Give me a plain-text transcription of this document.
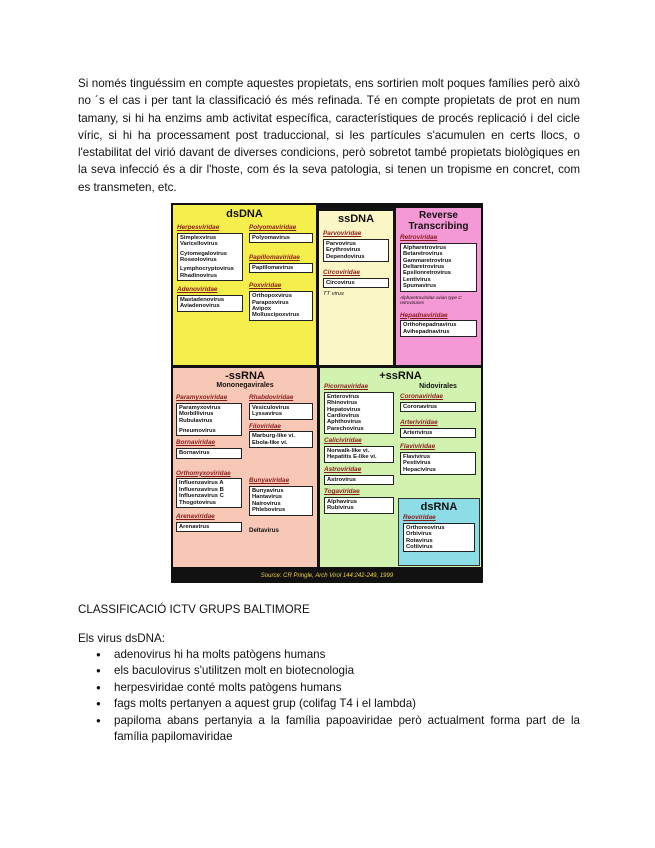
Si només tinguéssim en compte aquestes propietats, ens sortirien molt poques famílies però això no ´s el cas i per tant la classificació és més refinada. Té en compte propietats de prot en num tamany, si hi ha enzims amb activitat específica, característiques de procés replicació i del cicle víric, si hi ha processament post traduccional, si les partícules s'acumulen en certs llocs, o l'estabilitat del virió davant de diverses condicions, però sobretot també propietats biològiques en la seva infecció és a dir l'hoste, com és la seva patologia, si tenen un tropisme en concret, com es transmeten, etc.
dsDNA
Herpesviridae
Simplexvirus
Varicellovirus
Cytomegalovirus
Roseolovirus
Lymphocryptovirus
Rhadinovirus
Adenoviridae
Mastadenovirus
Aviadenovirus
Polyomaviridae
Polyomavirus
Papillomaviridae
Papillomavirus
Poxviridae
Orthopoxvirus
Parapoxvirus
Avipox
Molluscipoxvirus
ssDNA
Parvoviridae
Parvovirus
Erythrovirus
Dependovirus
Circoviridae
Circovirus
TT virus
Reverse Transcribing
Retroviridae
Alpharetrovirus
Betaretrovirus
Gammaretrovirus
Deltaretrovirus
Epsilonretrovirus
Lentivirus
Spumavirus
Alpharetroviridae avian type C retroviruses
Hepadnaviridae
Orthohepadnavirus
Avihepadnavirus
-ssRNA
Mononegavirales
Paramyxoviridae
Paramyxovirus
Morbillivirus
Rubulavirus
Pneumovirus
Bornaviridae
Bornavirus
Orthomyxoviridae
Influenzavirus A
Influenzavirus B
Influenzavirus C
Thogotovirus
Arenaviridae
Arenavirus
Rhabdoviridae
Vesiculovirus
Lyssavirus
Filoviridae
Marburg-like vi.
Ebola-like vi.
Bunyaviridae
Bunyavirus
Hantavirus
Nairovirus
Phlebovirus
Deltavirus
+ssRNA
Picornaviridae
Enterovirus
Rhinovirus
Hepatovirus
Cardiovirus
Aphthovirus
Parechovirus
Caliciviridae
Norwalk-like vi.
Hepatitis E-like vi.
Astroviridae
Astrovirus
Togaviridae
Alphavirus
Rubivirus
Nidovirales
Coronaviridae
Coronavirus
Arteriviridae
Arterivirus
Flaviviridae
Flavivirus
Pestivirus
Hepacivirus
dsRNA
Reoviridae
Orthoreovirus
Orbivirus
Rotavirus
Coltivirus
Source: CR Pringle, Arch Virol 144:242-249, 1999
CLASSIFICACIÓ ICTV GRUPS BALTIMORE
Els virus dsDNA:
● adenovirus hi ha molts patògens humans
● els baculovirus s'utilitzen molt en biotecnologia
● herpesviridae conté molts patògens humans
● fags molts pertanyen a aquest grup (colifag T4 i el lambda)
● papiloma abans pertanyia a la família papoaviridae però actualment forma part de la família papilomaviridae
